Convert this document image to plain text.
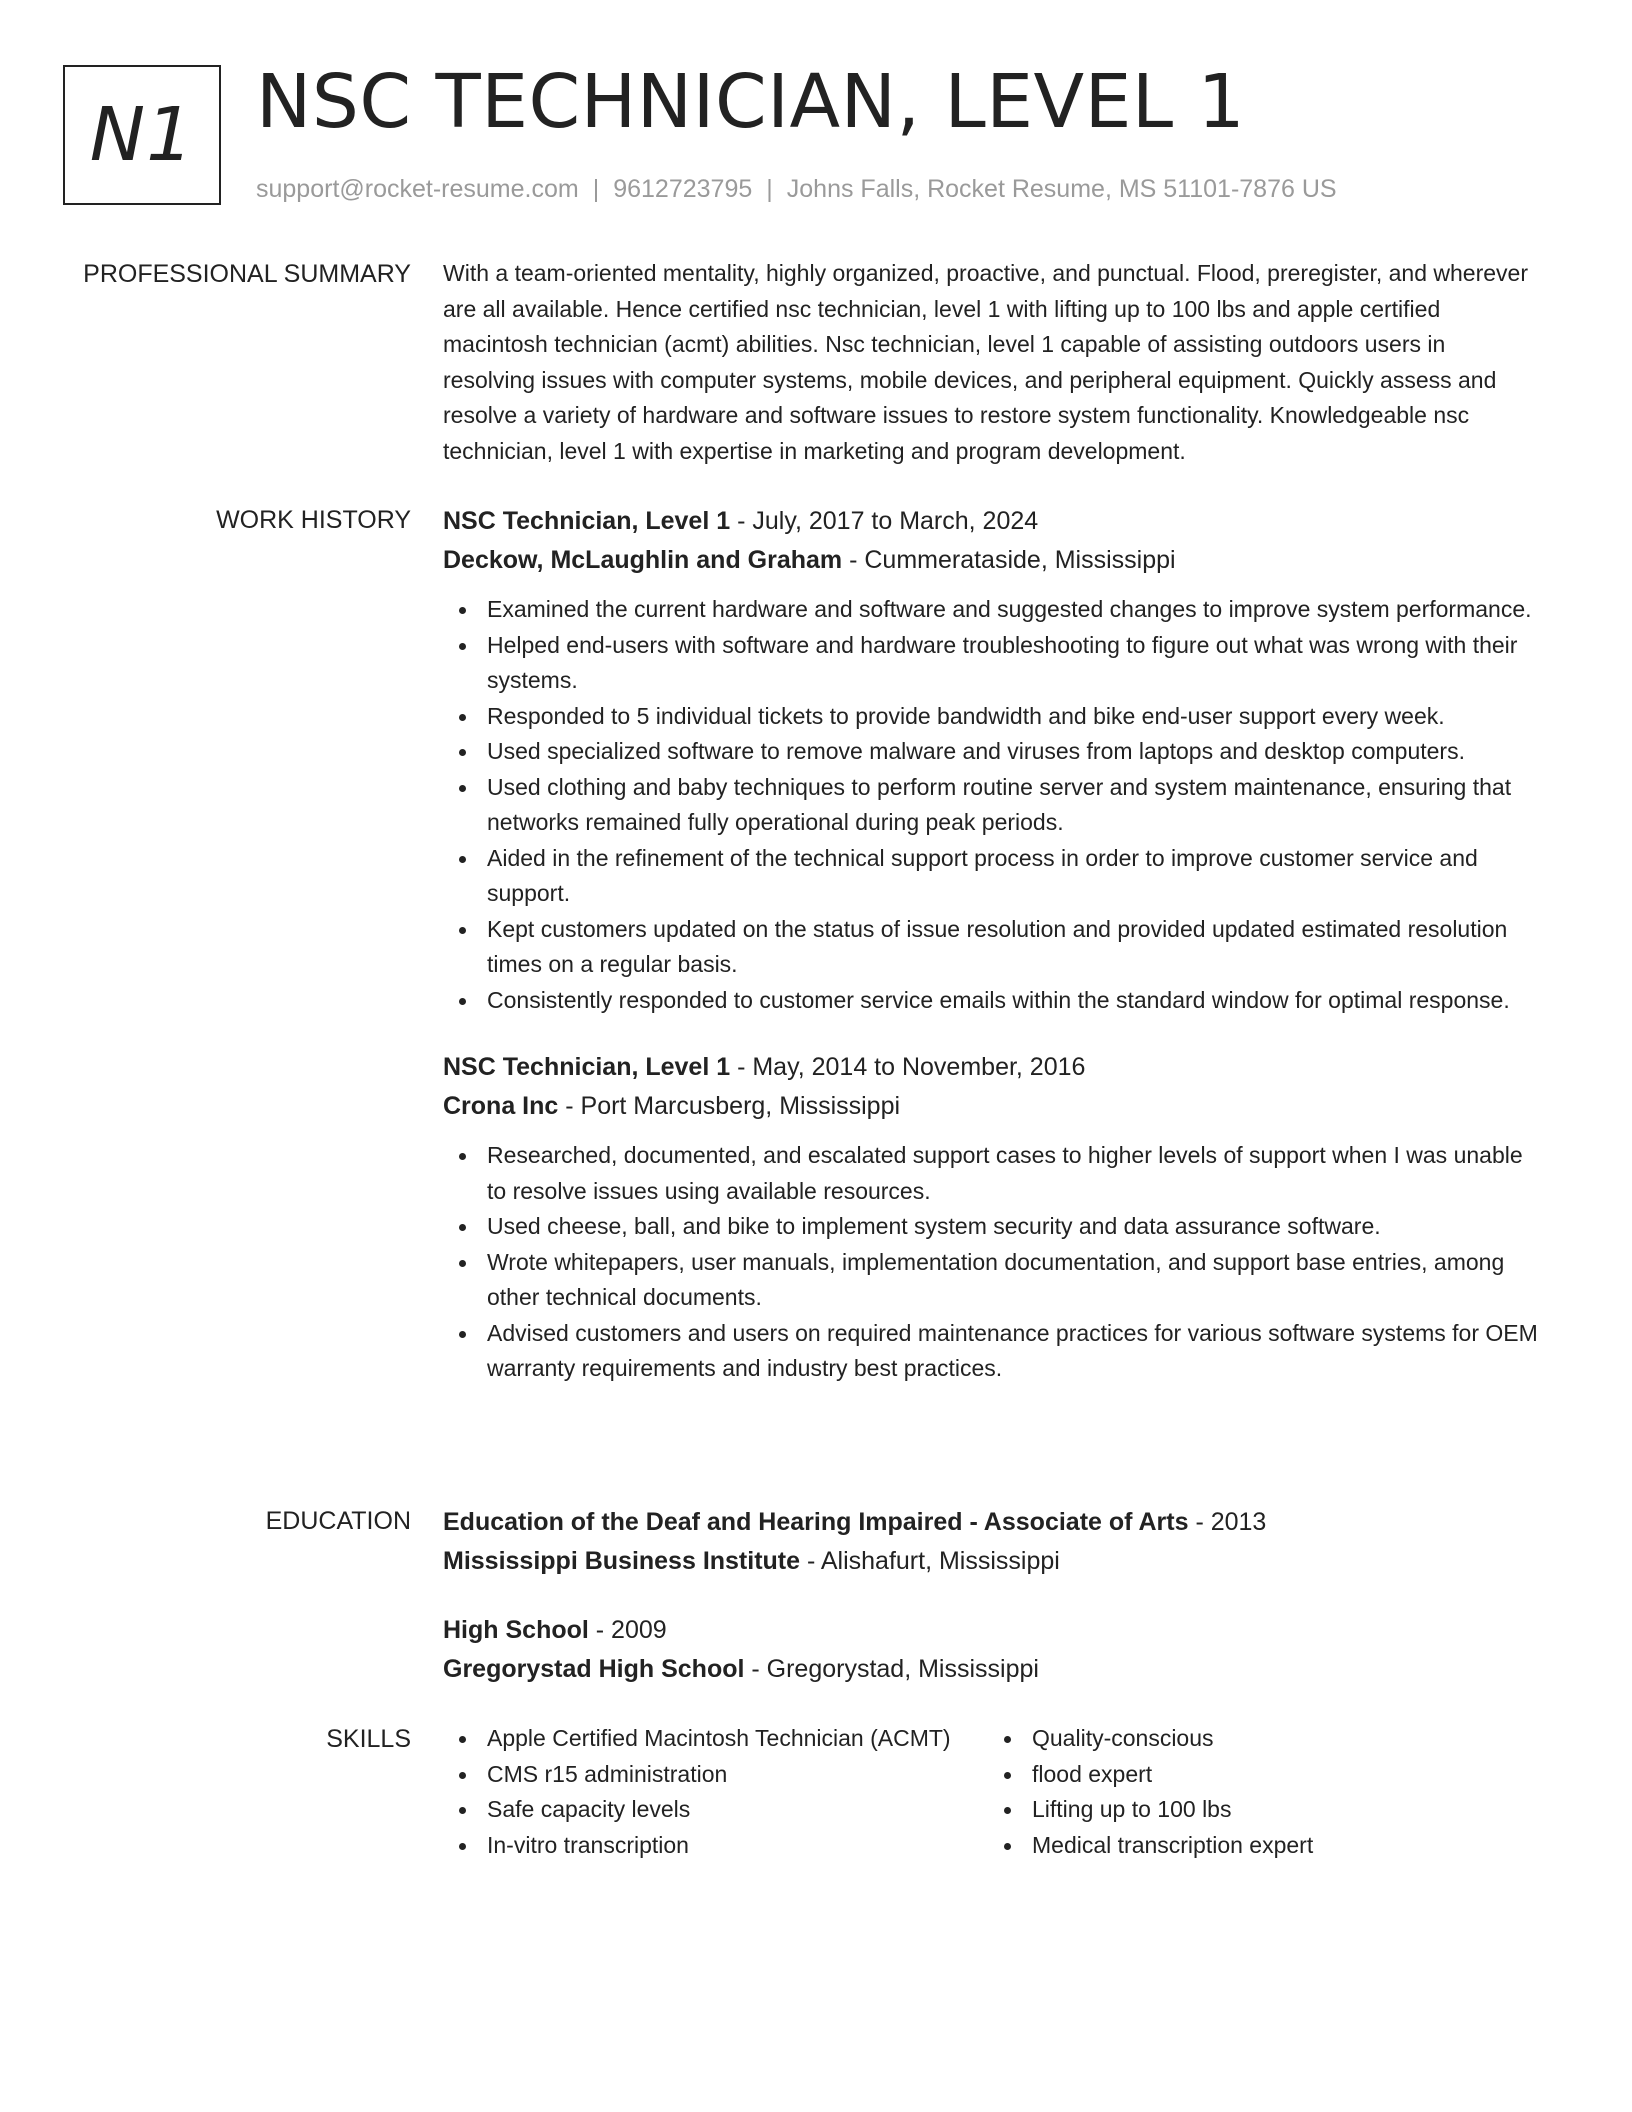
N1 NSC TECHNICIAN, LEVEL 1
support@rocket-resume.com | 9612723795 | Johns Falls, Rocket Resume, MS 51101-7876 US
PROFESSIONAL SUMMARY With a team-oriented mentality, highly organized, proactive, and punctual. Flood, preregister, and wherever are all available. Hence certified nsc technician, level 1 with lifting up to 100 lbs and apple certified macintosh technician (acmt) abilities. Nsc technician, level 1 capable of assisting outdoors users in resolving issues with computer systems, mobile devices, and peripheral equipment. Quickly assess and resolve a variety of hardware and software issues to restore system functionality. Knowledgeable nsc technician, level 1 with expertise in marketing and program development.

WORK HISTORY NSC Technician, Level 1 - July, 2017 to March, 2024
Deckow, McLaughlin and Graham - Cummerataside, Mississippi
Examined the current hardware and software and suggested changes to improve system performance.
Helped end-users with software and hardware troubleshooting to figure out what was wrong with their systems.
Responded to 5 individual tickets to provide bandwidth and bike end-user support every week.
Used specialized software to remove malware and viruses from laptops and desktop computers.
Used clothing and baby techniques to perform routine server and system maintenance, ensuring that networks remained fully operational during peak periods.
Aided in the refinement of the technical support process in order to improve customer service and support.
Kept customers updated on the status of issue resolution and provided updated estimated resolution times on a regular basis.
Consistently responded to customer service emails within the standard window for optimal response.
NSC Technician, Level 1 - May, 2014 to November, 2016
Crona Inc - Port Marcusberg, Mississippi
Researched, documented, and escalated support cases to higher levels of support when I was unable to resolve issues using available resources.
Used cheese, ball, and bike to implement system security and data assurance software.
Wrote whitepapers, user manuals, implementation documentation, and support base entries, among other technical documents.
Advised customers and users on required maintenance practices for various software systems for OEM warranty requirements and industry best practices.
EDUCATION Education of the Deaf and Hearing Impaired - Associate of Arts - 2013
Mississippi Business Institute - Alishafurt, Mississippi
High School - 2009
Gregorystad High School - Gregorystad, Mississippi
SKILLS	Apple Certified Macintosh Technician (ACMT)	Quality-conscious
CMS r15 administration	flood expert
Safe capacity levels	Lifting up to 100 lbs
In-vitro transcription	Medical transcription expert
